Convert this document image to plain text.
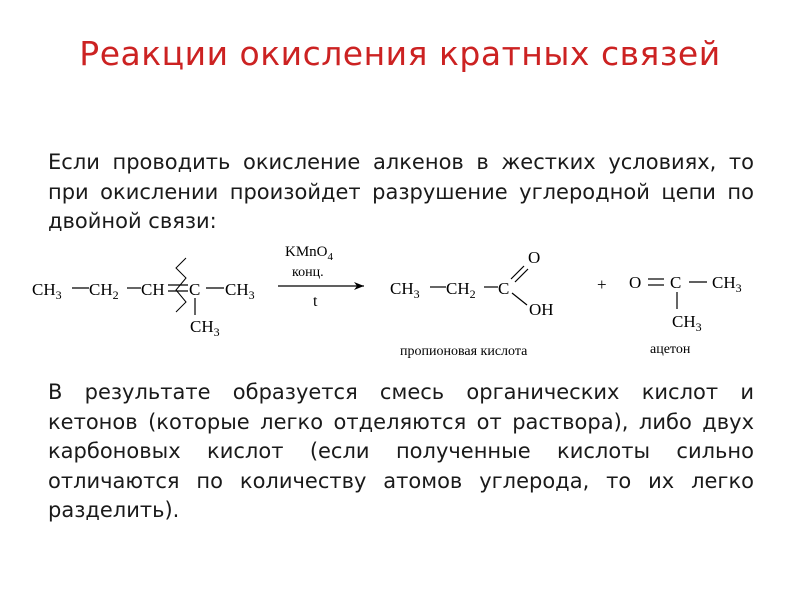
Реакции окисления кратных связей
Если проводить окисление алкенов в жестких условиях, то при окислении произойдет разрушение углеродной цепи по двойной связи:
$CH_3$ $CH_2$ CH C $CH_3$
$CH_3$
KMnO$_4$
конц.
t
$CH_3$ $CH_2$ C
O
OH
пропионовая кислота
+ O C $CH_3$
$CH_3$
ацетон
В результате образуется смесь органических кислот и кетонов (которые легко отделяются от раствора), либо двух карбоновых кислот (если полученные кислоты сильно отличаются по количеству атомов углерода, то их легко разделить).
